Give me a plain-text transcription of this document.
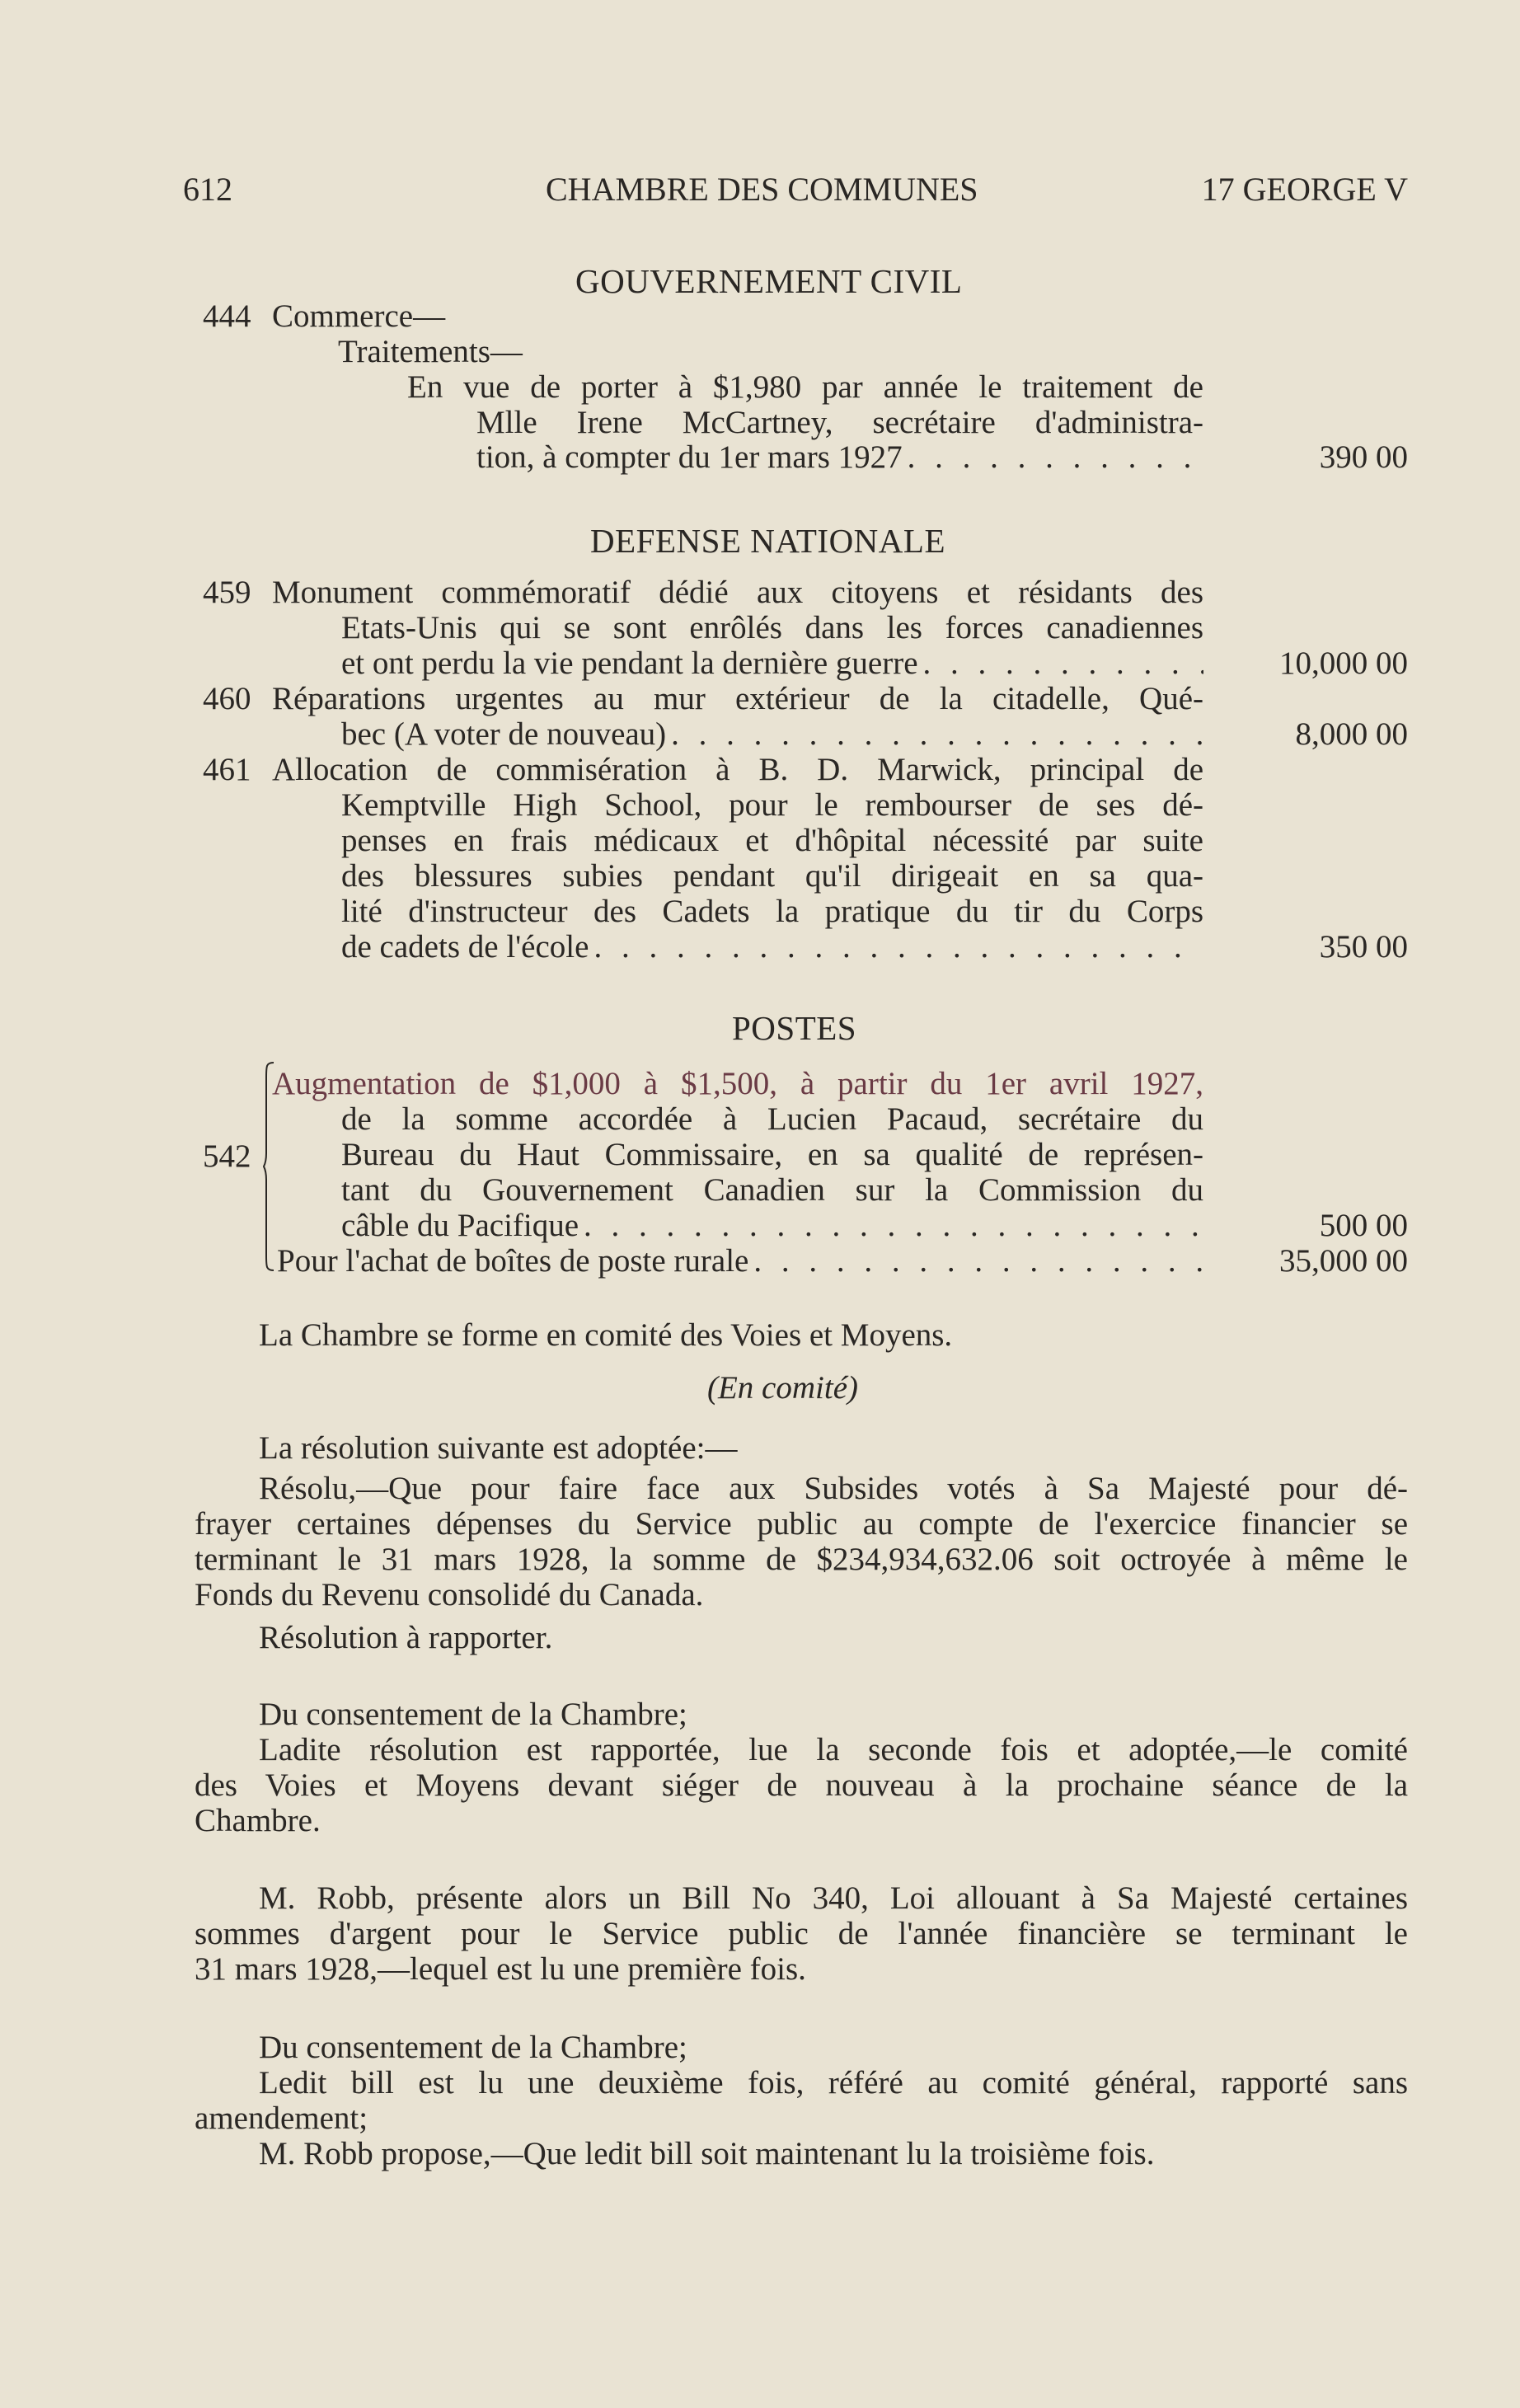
612	CHAMBRE DES COMMUNES	17 GEORGE V
GOUVERNEMENT CIVIL
444 Commerce—
Traitements—
En vue de porter à $1,980 par année le traitement de
Mlle Irene McCartney, secrétaire d'administra-
tion, à compter du 1er mars 1927 . . .	390 00
DEFENSE NATIONALE
459 Monument commémoratif dédié aux citoyens et résidants des
Etats-Unis qui se sont enrôlés dans les forces canadiennes
et ont perdu la vie pendant la dernière guerre . . .	10,000 00
460 Réparations urgentes au mur extérieur de la citadelle, Qué-
bec (A voter de nouveau) . . .	8,000 00
461 Allocation de commisération à B. D. Marwick, principal de
Kemptville High School, pour le rembourser de ses dé-
penses en frais médicaux et d'hôpital nécessité par suite
des blessures subies pendant qu'il dirigeait en sa qua-
lité d'instructeur des Cadets la pratique du tir du Corps
de cadets de l'école . . .	350 00
POSTES
542
Augmentation de $1,000 à $1,500, à partir du 1er avril 1927,
de la somme accordée à Lucien Pacaud, secrétaire du
Bureau du Haut Commissaire, en sa qualité de représen-
tant du Gouvernement Canadien sur la Commission du
câble du Pacifique . . .	500 00
Pour l'achat de boîtes de poste rurale . . .	35,000 00
La Chambre se forme en comité des Voies et Moyens.
(En comité)
La résolution suivante est adoptée:—
Résolu,—Que pour faire face aux Subsides votés à Sa Majesté pour dé-
frayer certaines dépenses du Service public au compte de l'exercice financier se
terminant le 31 mars 1928, la somme de $234,934,632.06 soit octroyée à même le
Fonds du Revenu consolidé du Canada.
Résolution à rapporter.
Du consentement de la Chambre;
Ladite résolution est rapportée, lue la seconde fois et adoptée,—le comité
des Voies et Moyens devant siéger de nouveau à la prochaine séance de la
Chambre.
M. Robb, présente alors un Bill No 340, Loi allouant à Sa Majesté certaines
sommes d'argent pour le Service public de l'année financière se terminant le
31 mars 1928,—lequel est lu une première fois.
Du consentement de la Chambre;
Ledit bill est lu une deuxième fois, référé au comité général, rapporté sans
amendement;
M. Robb propose,—Que ledit bill soit maintenant lu la troisième fois.
